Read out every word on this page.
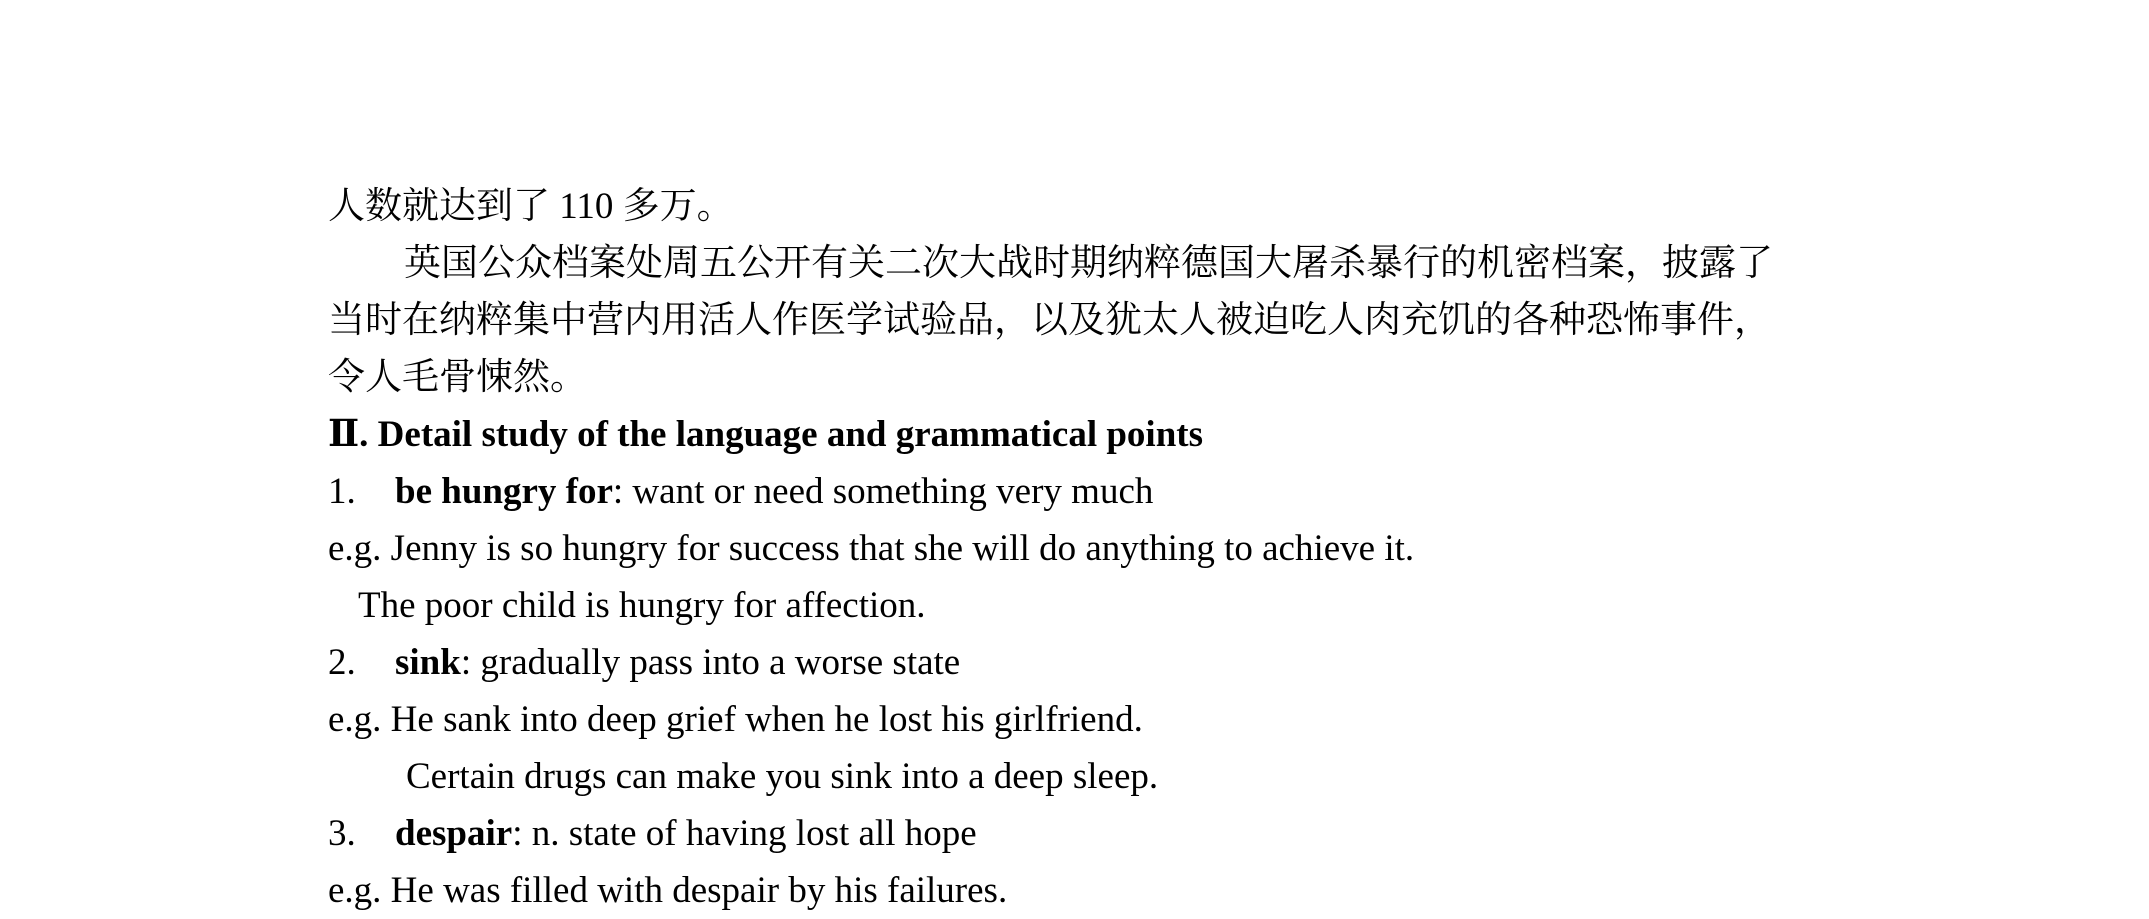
人数就达到了 110 多万。
英国公众档案处周五公开有关二次大战时期纳粹德国大屠杀暴行的机密档案，披露了
当时在纳粹集中营内用活人作医学试验品，以及犹太人被迫吃人肉充饥的各种恐怖事件，
令人毛骨悚然。
Ⅱ. Detail study of the language and grammatical points
1. be hungry for: want or need something very much
e.g. Jenny is so hungry for success that she will do anything to achieve it.
The poor child is hungry for affection.
2. sink: gradually pass into a worse state
e.g. He sank into deep grief when he lost his girlfriend.
Certain drugs can make you sink into a deep sleep.
3. despair: n. state of having lost all hope
e.g. He was filled with despair by his failures.
